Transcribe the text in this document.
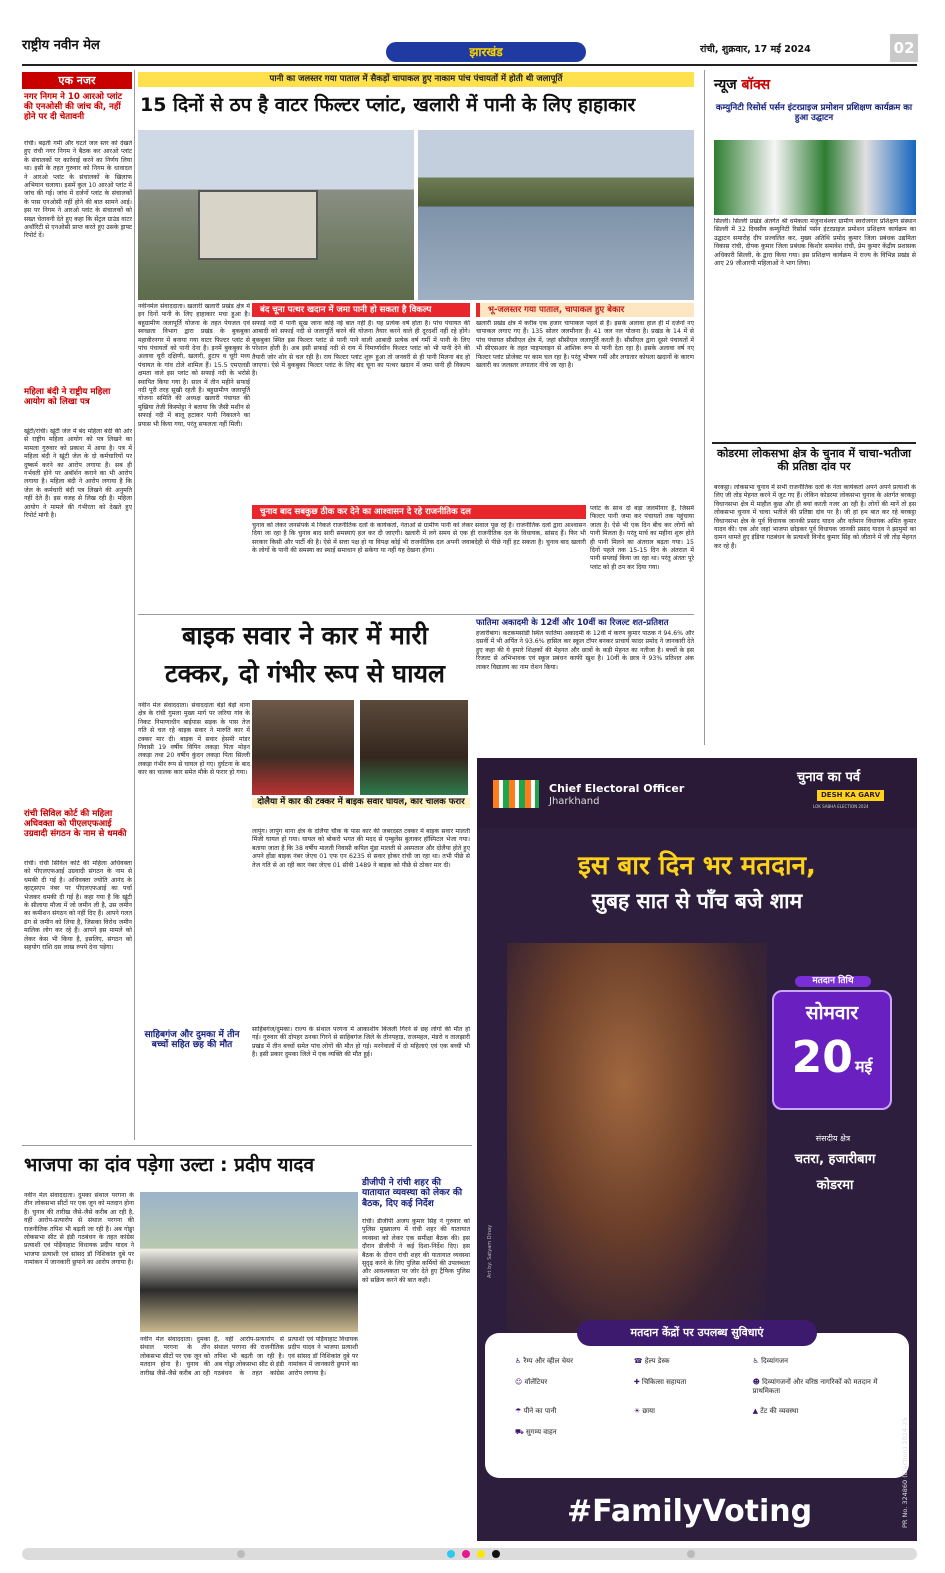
राष्ट्रीय नवीन मेल	झारखंड	रांची, शुक्रवार, 17 मई 2024	02
एक नजर
नगर निगम ने 10 आरओ प्लांट की एनओसी की जांच की, नहीं होने पर दी चेतावनी
रांची। बढ़ती गर्मी और घटते जल स्तर को देखते हुए रांची नगर निगम ने बैठक कर आरओ प्लांट के संचालकों पर कार्रवाई करने का निर्णय लिया था। इसी के तहत गुरुवार को निगम के धावादल ने आरओ प्लांट के संचालकों के खिलाफ अभियान चलाया। इसमें कुल 10 आरओ प्लांट में जांच की गई। जांच में दर्जनों प्लांट के संचालकों के पास एनओसी नहीं होने की बात सामने आई। इस पर निगम ने आरओ प्लांट के संचालकों को सख्त चेतावनी देते हुए कहा कि सेंट्रल ग्राउंड वाटर अथॉरिटी से एनओसी प्राप्त करते हुए उसके ड्राफ्ट रिपोर्ट दें।
महिला बंदी ने राष्ट्रीय महिला आयोग को लिखा पत्र
खूंटी/रांची। खूंटी जेल में बंद महिला बंदी की ओर से राष्ट्रीय महिला आयोग को पत्र लिखने का मामला गुरुवार को प्रकाश में आया है। पत्र में महिला बंदी ने खूंटी जेल के दो कर्मचारियों पर दुष्कर्म करने का आरोप लगाया है। सब ही गर्भवती होने पर अबॉर्शन कराने का भी आरोप लगाया है। महिला बंदी ने आरोप लगाया है कि जेल के कर्मचारी बंदी पत्र लिखने की अनुमति नहीं देते हैं। इस वजह से लिख रही है। महिला आयोग ने मामले की गंभीरता को देखते हुए रिपोर्ट मांगी है।
रांची सिविल कोर्ट की महिला अधिवक्ता को पीएलएफआई उग्रवादी संगठन के नाम से धमकी
रांची। रांची सिविल कोर्ट की महिला अधिवक्ता को पीएलएफआई उग्रवादी संगठन के नाम से धमकी दी गई है। अधिवक्ता ज्योति आनंद के व्हाट्सएप नंबर पर पीएलएफआई का पर्चा भेजकर धमकी दी गई है। कहा गया है कि खूंटी के सीलाया मौजा में जो जमीन ली है, उस जमीन का कमीशन संगठन को नहीं दिए हैं। आपने गलत ढंग से जमीन को लिया है, जिसका विरोध जमीन मालिक लोग कर रहे हैं। आपने इस मामले को लेकर केस भी किया है, इसलिए, संगठन को सहयोग राशि दस लाख रुपये देना पड़ेगा।
पानी का जलस्तर गया पाताल में सैकड़ों चापाकल हुए नाकाम पांच पंचायतों में होती थी जलापूर्ति
15 दिनों से ठप है वाटर फिल्टर प्लांट, खलारी में पानी के लिए हाहाकार
नवीनमेल संवाददाता। खलारी खलारी प्रखंड क्षेत्र में इन दिनों पानी के लिए हाहाकार मचा हुआ है। बहुग्रामीण जलापूर्ति योजना के तहत पेयजल एवं स्वच्छता विभाग द्वारा प्रखंड के बुकबुका महावीरनगर में बनाया गया वाटर फिल्टर प्लांट से पांच पंचायतों को पानी देना है। इनमें बुकबुका के अलावा चूरी दक्षिणी, खलारी, हुटाप व चूरी मध्य पंचायत के गांव टोले शामिल हैं। 15.5 एमएलडी क्षमता वाले इस प्लांट को सफाई नदी के भरोसे स्थापित किया गया है। साल में तीन महीने सफाई नदी पूरी तरह सूखी रहती है। बहुग्रामीण जलापूर्ति योजना समिति की अध्यक्ष खलारी पंचायत की मुखिया तेजी किस्पोट्टा ने बताया कि जैसी मशीन से सफाई नदी में बालू हटाकर पानी निकालने का प्रयास भी किया गया, परंतु सफलता नहीं मिली।
बंद चूना पत्थर खदान में जमा पानी हो सकता है विकल्प
सफाई नदी में पानी सूख जाना कोई नई बात नहीं है। यह प्रत्येक वर्ष होता है। पांच पंचायत की आबादी को सफाई नदी से जलापूर्ति करने की योजना तैयार करने वाले ही दूरदर्शी नहीं रहे होंगे। बुकबुका स्थित इस फिल्टर प्लांट से पानी पाने वाली आबादी प्रत्येक वर्ष गर्मी में पानी के लिए परेशान होती है। अब इसी सफाई नदी से राय में निमार्णाधीन फिल्टर प्लांट को भी पानी देने की तैयारी जोर शोर से चल रही है। राय फिल्टर प्लांट शुरू हुआ तो जनवरी से ही पानी मिलना बंद हो जाएगा। ऐसे में बुकबुका फिल्टर प्लांट के लिए बंद चूना का पत्थर खदान में जमा पानी ही विकल्प है।
भू-जलस्तर गया पाताल, चापाकल हुए बेकार
खलारी प्रखंड क्षेत्र में करीब एक हजार चापाकल पहले से हैं। इसके अलावा हाल ही में दर्जनों नए चापाकल लगाए गए हैं। 135 सोलर जलमीनार हैं। 41 जल नल योजना है। प्रखंड के 14 में से पांच पंचायत सीसीएल क्षेत्र में, जहां सीसीएल जलापूर्ति करती है। सीसीएल द्वारा दूसरे पंचायतों में भी सीएसआर के तहत पाइपलाइन से आंशिक रूप से पानी देता रहा है। इसके अलावा वर्ष नए फिल्टर प्लांट प्रोजेक्ट पर काम चल रहा है। परंतु भीषण गर्मी और लगातार कोयला खदानों के कारण खलारी का जलस्तर लगातार नीचे जा रहा है।
चुनाव बाद सबकुछ ठीक कर देने का आश्वासन दे रहे राजनीतिक दल
चुनाव को लेकर जनसंपर्क में निकले राजनीतिक दलों के कार्यकर्ता, नेताओं से ग्रामीण पानी को लेकर सवाल पूछ रहे हैं। राजनीतिक दलों द्वारा आश्वासन दिया जा रहा है कि चुनाव बाद सारी समस्याएं हल कर दी जाएगी। खलारी में लगे समय से एक ही राजनीतिक दल के विधायक, सांसद हैं। फिर भी सरकार किसी और पार्टी की है। ऐसे में सत्ता पक्ष हो या विपक्ष कोई भी राजनीतिक दल अपनी जवाबदेही से पीछे नहीं हट सकता है। चुनाव बाद खलारी के लोगों के पानी की समस्या का स्थाई समाधान हो सकेगा या नहीं यह देखना होगा।
प्लांट के साथ दो बड़ा जलमीनार है, जिसमें फिल्टर पानी जमा कर पंचायतों तक पहुंचाया जाता है। ऐसे भी एक दिन बीच कर लोगों को पानी मिलता है। परंतु मार्च का महीना शुरू होते ही पानी मिलने का अंतराल बढ़ता गया। 15 दिनों पहले तक 15-15 दिन के अंतराल में पानी सप्लाई किया जा रहा था। परंतु अंततः पूरे प्लांट को ही ठप कर दिया गया।
न्यूज बॉक्स
कम्युनिटी रिसोर्स पर्सन इंटरप्राइज प्रमोशन प्रशिक्षण कार्यक्रम का हुआ उद्घाटन
सिल्ली। सिल्ली प्रखंड अंतर्गत श्री धर्मकला मंजुनाथेश्वर ग्रामीण स्वरोजगार प्रशिक्षण संस्थान सिल्ली में 32 दिवसीय कम्युनिटी रिसोर्स पर्सन इंटरप्राइज प्रमोशन प्रशिक्षण कार्यक्रम का उद्घाटन समारोह दीप प्रज्वलित कर, मुख्य अतिथि प्रमोद कुमार जिला प्रबंधक उद्यमिता विकास रांची, दीपक कुमार जिला प्रबंधक किशोर समावेश रांची, प्रेम कुमार केंद्रीय प्रशासक अधिकारी सिल्ली, के द्वारा किया गया। इस प्रशिक्षण कार्यक्रम में राज्य के विभिन्न प्रखंड से आए 29 जीआरपी महिलाओं ने भाग लिया।
कोडरमा लोकसभा क्षेत्र के चुनाव में चाचा-भतीजा की प्रतिष्ठा दांव पर
बरकट्ठा। लोकसभा चुनाव में सभी राजनीतिक दलों के नेता कार्यकर्ता अपने अपने प्रत्याशी के लिए जी तोड़ मेहनत करने में जुट गए हैं। लेकिन कोडरमा लोकसभा चुनाव के अंतर्गत बरकट्ठा विधानसभा क्षेत्र में माहौल कुछ और ही बयां करती नजर आ रही है। लोगों की मानें तो इस लोकसभा चुनाव में चाचा भतीजे की प्रतिष्ठा दांव पर है। जी हां हम बात कर रहे बरकट्ठा विधानसभा क्षेत्र के पूर्व विधायक जानकी प्रसाद यादव और वर्तमान विधायक अमित कुमार यादव की। एक ओर जहां भाजपा छोड़कर पूर्व विधायक जानकी प्रसाद यादव ने झामुमो का दामन थामते हुए इंडिया गठबंधन के प्रत्याशी विनोद कुमार सिंह को जीताने में जी तोड़ मेहनत कर रहे हैं।
बाइक सवार ने कार में मारी
टक्कर, दो गंभीर रूप से घायल
फातिमा अकादमी के 12वीं और 10वीं का रिजल्ट शत-प्रतिशत
हजारीबाग। कटकमसांडी स्थित फातिमा अकादमी के 12वीं में करण कुमार पाठक ने 94.6% और दसवीं में भी अर्पित ने 93.6% हासिल कर स्कूल टॉपर बनकर प्राचार्य फादर प्रमोद ने जानकारी देते हुए कहा की ये हमारे शिक्षकों की मेहनत और छात्रों के कड़ी मेहनत का नतीजा है। बच्चों के इस रिजल्ट से अभिभावक एवं स्कूल प्रबंधन काफी खुश है। 10वीं के छात्र ने 93% प्रतिशत अंक लाकर विद्यालय का नाम रोशन किया।
नवीन मेल संवाददाता। संवाददाता बेड़ो बेड़ो थाना क्षेत्र के रांची गुमला मुख्य मार्ग पर जरिया गांव के निकट निमाणाधीन बाईपास सड़क के पास तेज गति से चल रहे बाइक सवार ने मारुति कार में टक्कर मार दी। बाइक में सवार हेसमी मांडर निवासी 19 वर्षीय विपिन लकड़ा पिता मोहन लकड़ा तथा 20 वर्षीय कुंदन लकड़ा पिता सिल्ली लकड़ा गंभीर रूप से घायल हो गए। दुर्घटना के बाद कार का चालक कार समेत मौके से फरार हो गया।
दोलैया में कार की टक्कर में बाइक सवार घायल, कार चालक फरार
लापुंग। लापुंग थाना क्षेत्र के दोलैया चौक के पास कार की जबरदस्त टक्कर में बाइक सवार मालती मिंजी घायल हो गया। घायल को बोकरो भगत की मदद से एम्बुलेंस बुलाकर हॉस्पिटल भेजा गया। बताया जाता है कि 38 वर्षीय मालती निवासी कपिल मुंडा मालती से अस्पताल और दोलैया होते हुए अपने होंडा बाइक नंबर जेएच 01 एफ एन 6235 से सवार होकर रांची जा रहा था। तभी पीछे से तेज गति से आ रही कार नंबर जेएच 01 सीवी 1489 ने बाइक को पीछे से ठोकर मार दी।
साहिबगंज और दुमका में तीन बच्चों सहित छह की मौत
साहिबगंज/दुमका। राज्य के संथाल परगना में आकाशीय बिजली गिरने से छह लोगों की मौत हो गई। गुरुवार की दोपहर ठनका गिरने से साहिबगंज जिले के तीनपहाड़, राजमहल, मंडरो व तालझारी प्रखंड में तीन बच्चों समेत पांच लोगों की मौत हो गई। मरनेवालों में दो महिलाएं एवं एक बच्ची भी है। इसी प्रकार दुमका जिले में एक व्यक्ति की मौत हुई।
भाजपा का दांव पड़ेगा उल्टा : प्रदीप यादव
नवीन मेल संवाददाता। दुमका संथाल परगना के तीन लोकसभा सीटों पर एक जून को मतदान होना है। चुनाव की तारीख जैसे-जैसे करीब आ रही है, वहीं आरोप-प्रत्यारोप से संथाल परगना की राजनीतिक तपिश भी बढ़ती जा रही है। अब गोड्डा लोकसभा सीट से इंडी गठबंधन के तहत कांग्रेस प्रत्याशी एवं पोड़ैयाहाट विधायक प्रदीप यादव ने भाजपा प्रत्याशी एवं सांसद डॉ निशिकांत दुबे पर नामांकन में जानकारी छुपाने का आरोप लगाया है।
नवीन मेल संवाददाता। दुमका संथाल परगना के तीन लोकसभा सीटों पर एक जून को मतदान होना है। चुनाव की तारीख जैसे-जैसे करीब आ रही है, वहीं आरोप-प्रत्यारोप से संथाल परगना की राजनीतिक तपिश भी बढ़ती जा रही है। अब गोड्डा लोकसभा सीट से इंडी गठबंधन के तहत कांग्रेस प्रत्याशी एवं पोड़ैयाहाट विधायक प्रदीप यादव ने भाजपा प्रत्याशी एवं सांसद डॉ निशिकांत दुबे पर नामांकन में जानकारी छुपाने का आरोप लगाया है।
डीजीपी ने रांची शहर की यातायात व्यवस्था को लेकर की बैठक, दिए कई निर्देश
रांची। डीजीपी अजय कुमार सिंह ने गुरुवार को पुलिस मुख्यालय में रांची शहर की यातायात व्यवस्था को लेकर एक समीक्षा बैठक की। इस दौरान डीजीपी ने कई दिशा-निर्देश दिए। इस बैठक के दौरान रांची शहर की यातायात व्यवस्था सुदृढ़ करने के लिए पुलिस कर्मियों की उपलब्धता और आवश्यकता पर जोर देते हुए ट्रैफिक पुलिस को सक्रिय करने की बात कही।
Chief Electoral Officer
Jharkhand
चुनाव का पर्व
DESH KA GARV
LOK SABHA ELECTION 2024
इस बार दिन भर मतदान,
सुबह सात से पाँच बजे शाम
मतदान तिथि
सोमवार
20 मई
संसदीय क्षेत्र
चतरा, हजारीबाग
कोडरमा
मतदान केंद्रों पर उपलब्ध सुविधाएं
♿ रैम्प और व्हील चेयर	☎ हेल्प डेस्क	♿ दिव्यांगजन
☺ वॉलेंटियर	✚ चिकित्सा सहायता	☻ दिव्यांगजनों और वरिष्ठ नागरिकों को मतदान में प्राथमिकता
☂ पीने का पानी	☀ छाया	▲ टेंट की व्यवस्था
⛟ सुगम्य वाहन
Art by: Satyam Dinay
#FamilyVoting	PR No. 324860 (Election) 2024-25
